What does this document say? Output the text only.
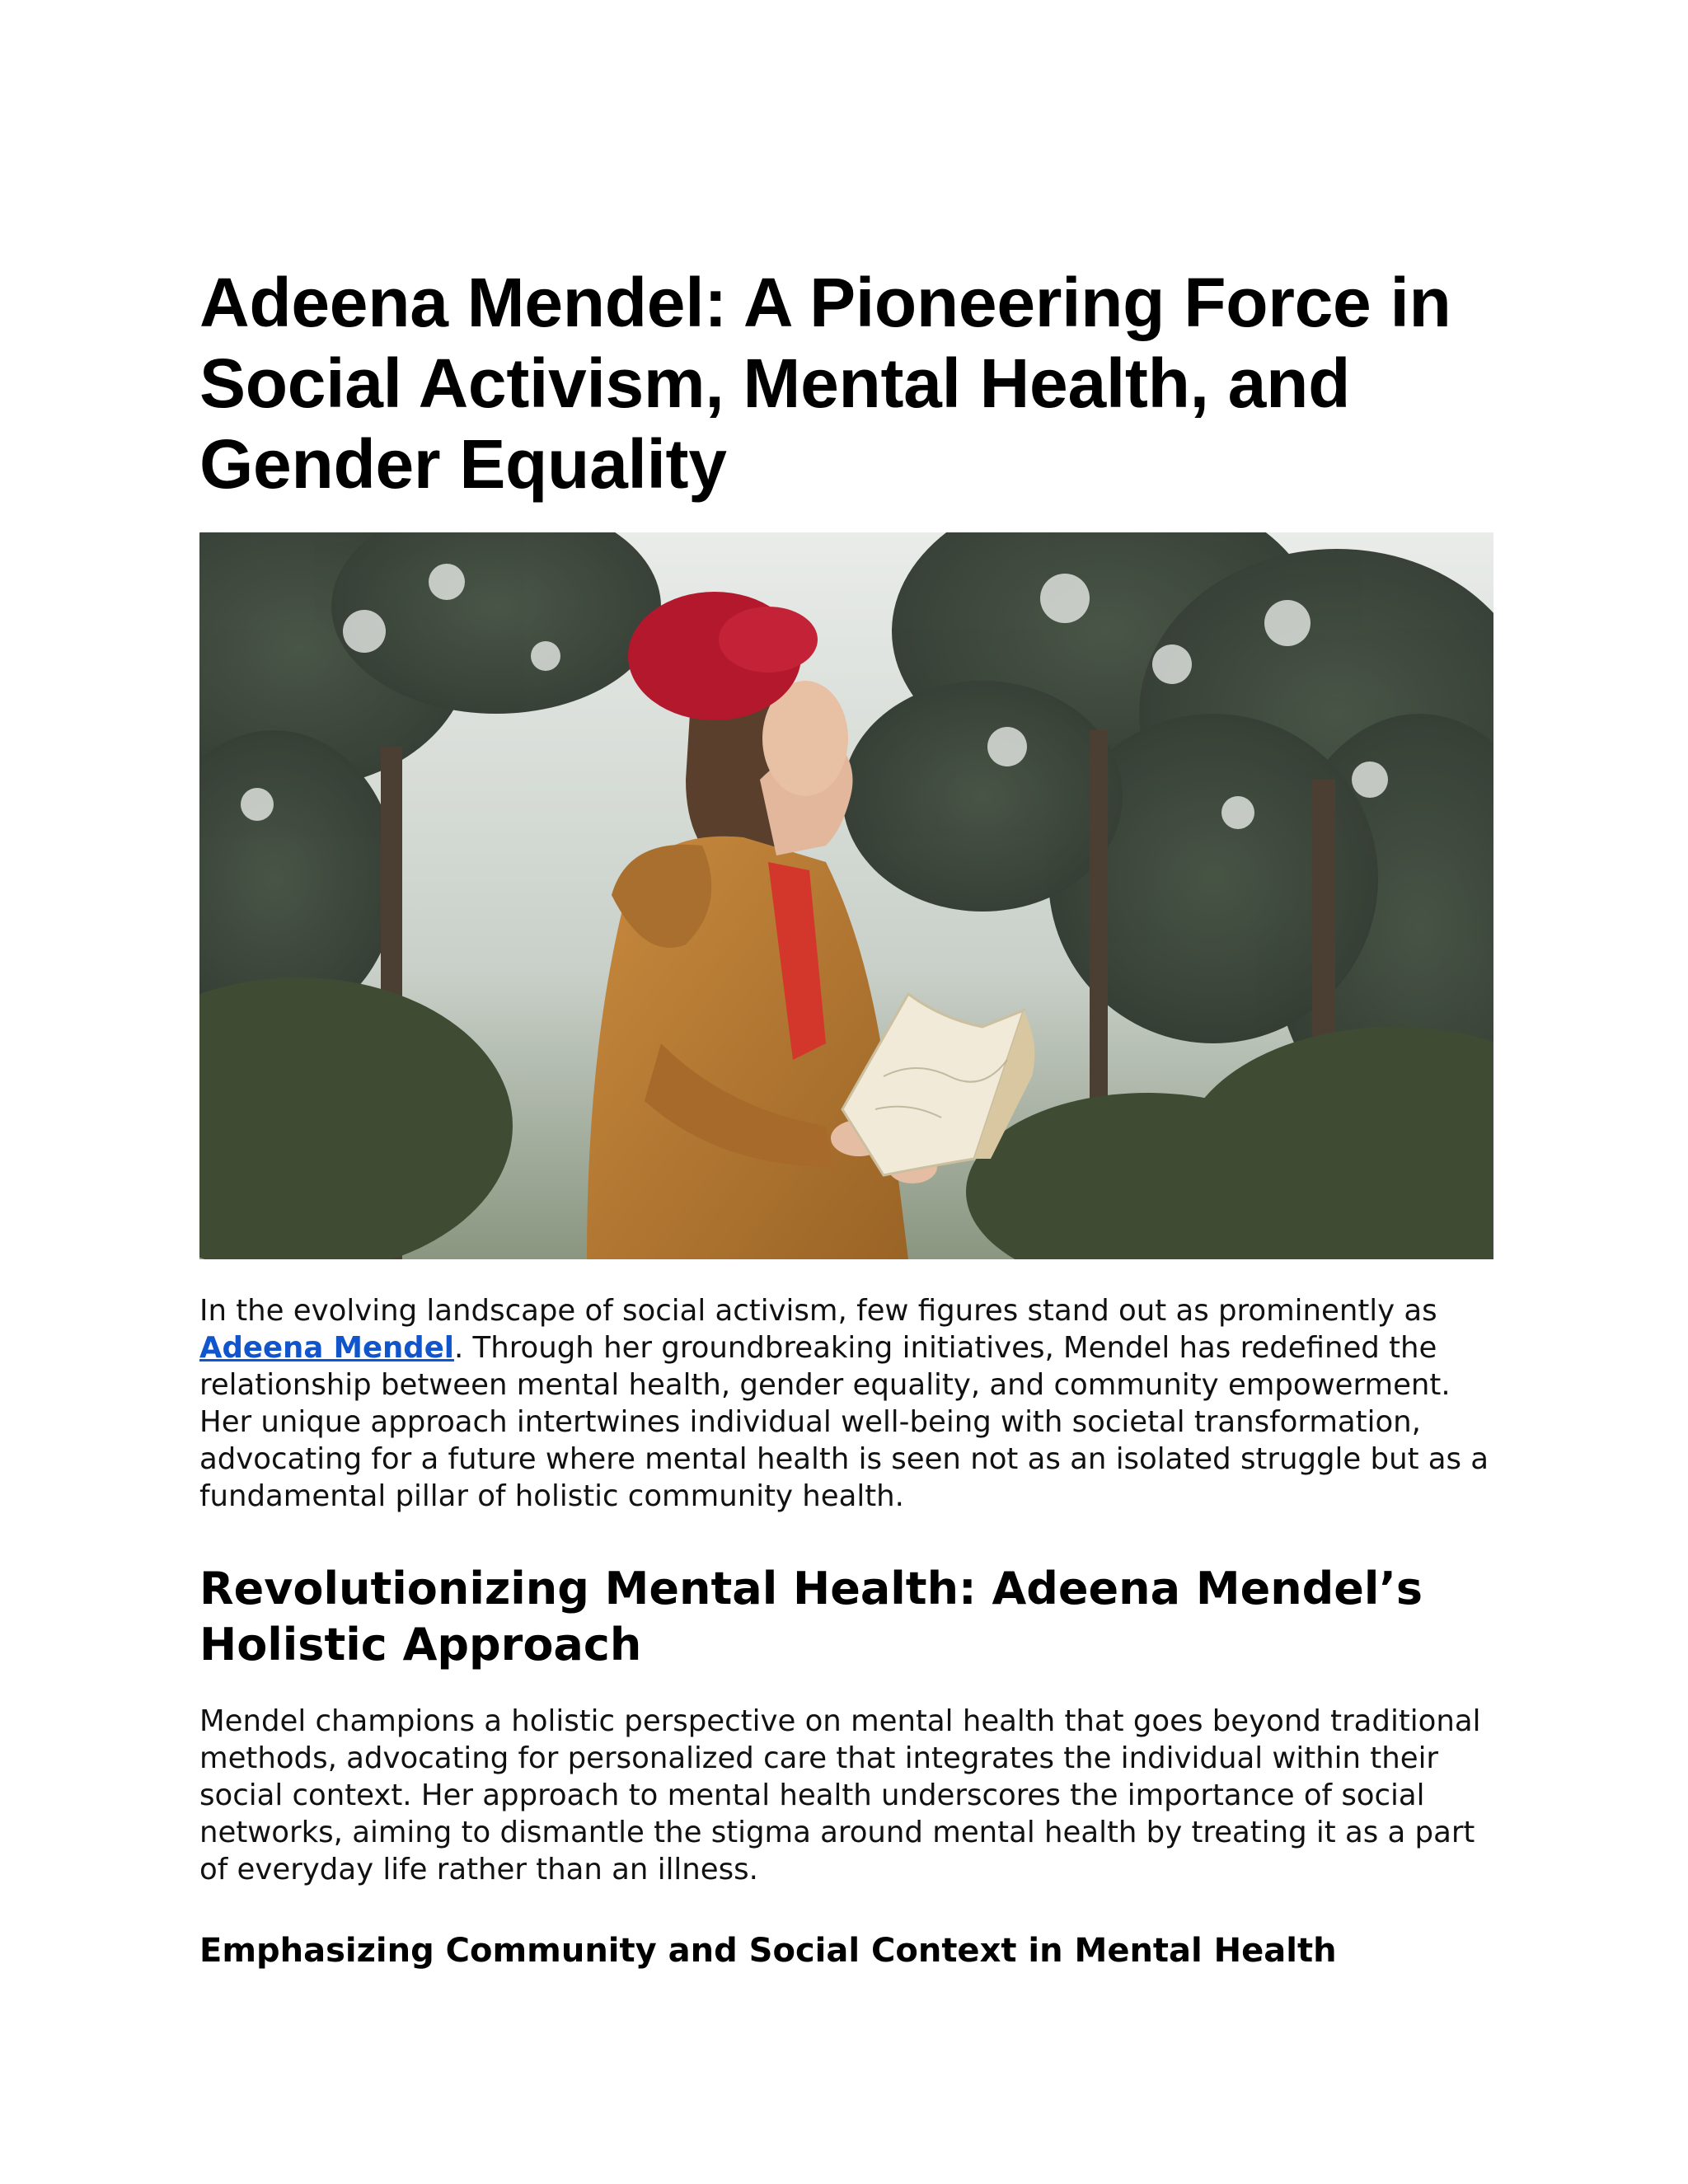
Adeena Mendel: A Pioneering Force in Social Activism, Mental Health, and Gender Equality

In the evolving landscape of social activism, few figures stand out as prominently as Adeena Mendel. Through her groundbreaking initiatives, Mendel has redefined the relationship between mental health, gender equality, and community empowerment. Her unique approach intertwines individual well-being with societal transformation, advocating for a future where mental health is seen not as an isolated struggle but as a fundamental pillar of holistic community health.

Revolutionizing Mental Health: Adeena Mendel’s Holistic Approach

Mendel champions a holistic perspective on mental health that goes beyond traditional methods, advocating for personalized care that integrates the individual within their social context. Her approach to mental health underscores the importance of social networks, aiming to dismantle the stigma around mental health by treating it as a part of everyday life rather than an illness.

Emphasizing Community and Social Context in Mental Health
